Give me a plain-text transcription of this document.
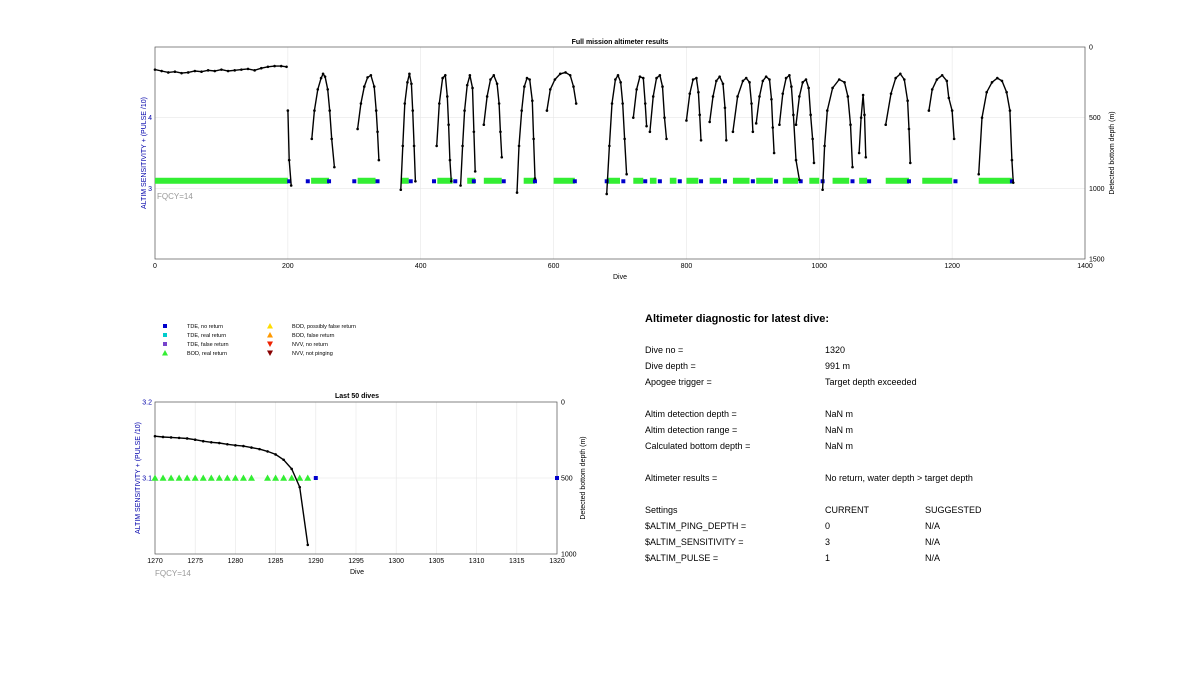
Full mission altimeter results
0	200	400	600	800	1000	1200	1400
3
4
0
500
1000
1500
Dive
ALTIM SENSITIVITY + (PULSE /10)	Detected bottom depth (m)
FQCY=14
TDE, no return
TDE, real return
TDE, false return
BOD, real return
BOD, possibly false return
BOD, false return
NVV, no return
NVV, not pinging
Last 50 dives
1270	1275	1280	1285	1290	1295	1300	1305	1310	1315	1320
3.1
3.2	0
500
1000
Dive
ALTIM SENSITIVITY + (PULSE /10)	Detected bottom depth (m)
FQCY=14
Altimeter diagnostic for latest dive:
Dive no =	1320
Dive depth =	991 m
Apogee trigger =	Target depth exceeded
Altim detection depth =	NaN m
Altim detection range =	NaN m
Calculated bottom depth =	NaN m
Altimeter results =	No return, water depth > target depth
Settings	CURRENT	SUGGESTED
$ALTIM_PING_DEPTH =	0	N/A
$ALTIM_SENSITIVITY =	3	N/A
$ALTIM_PULSE =	1	N/A
